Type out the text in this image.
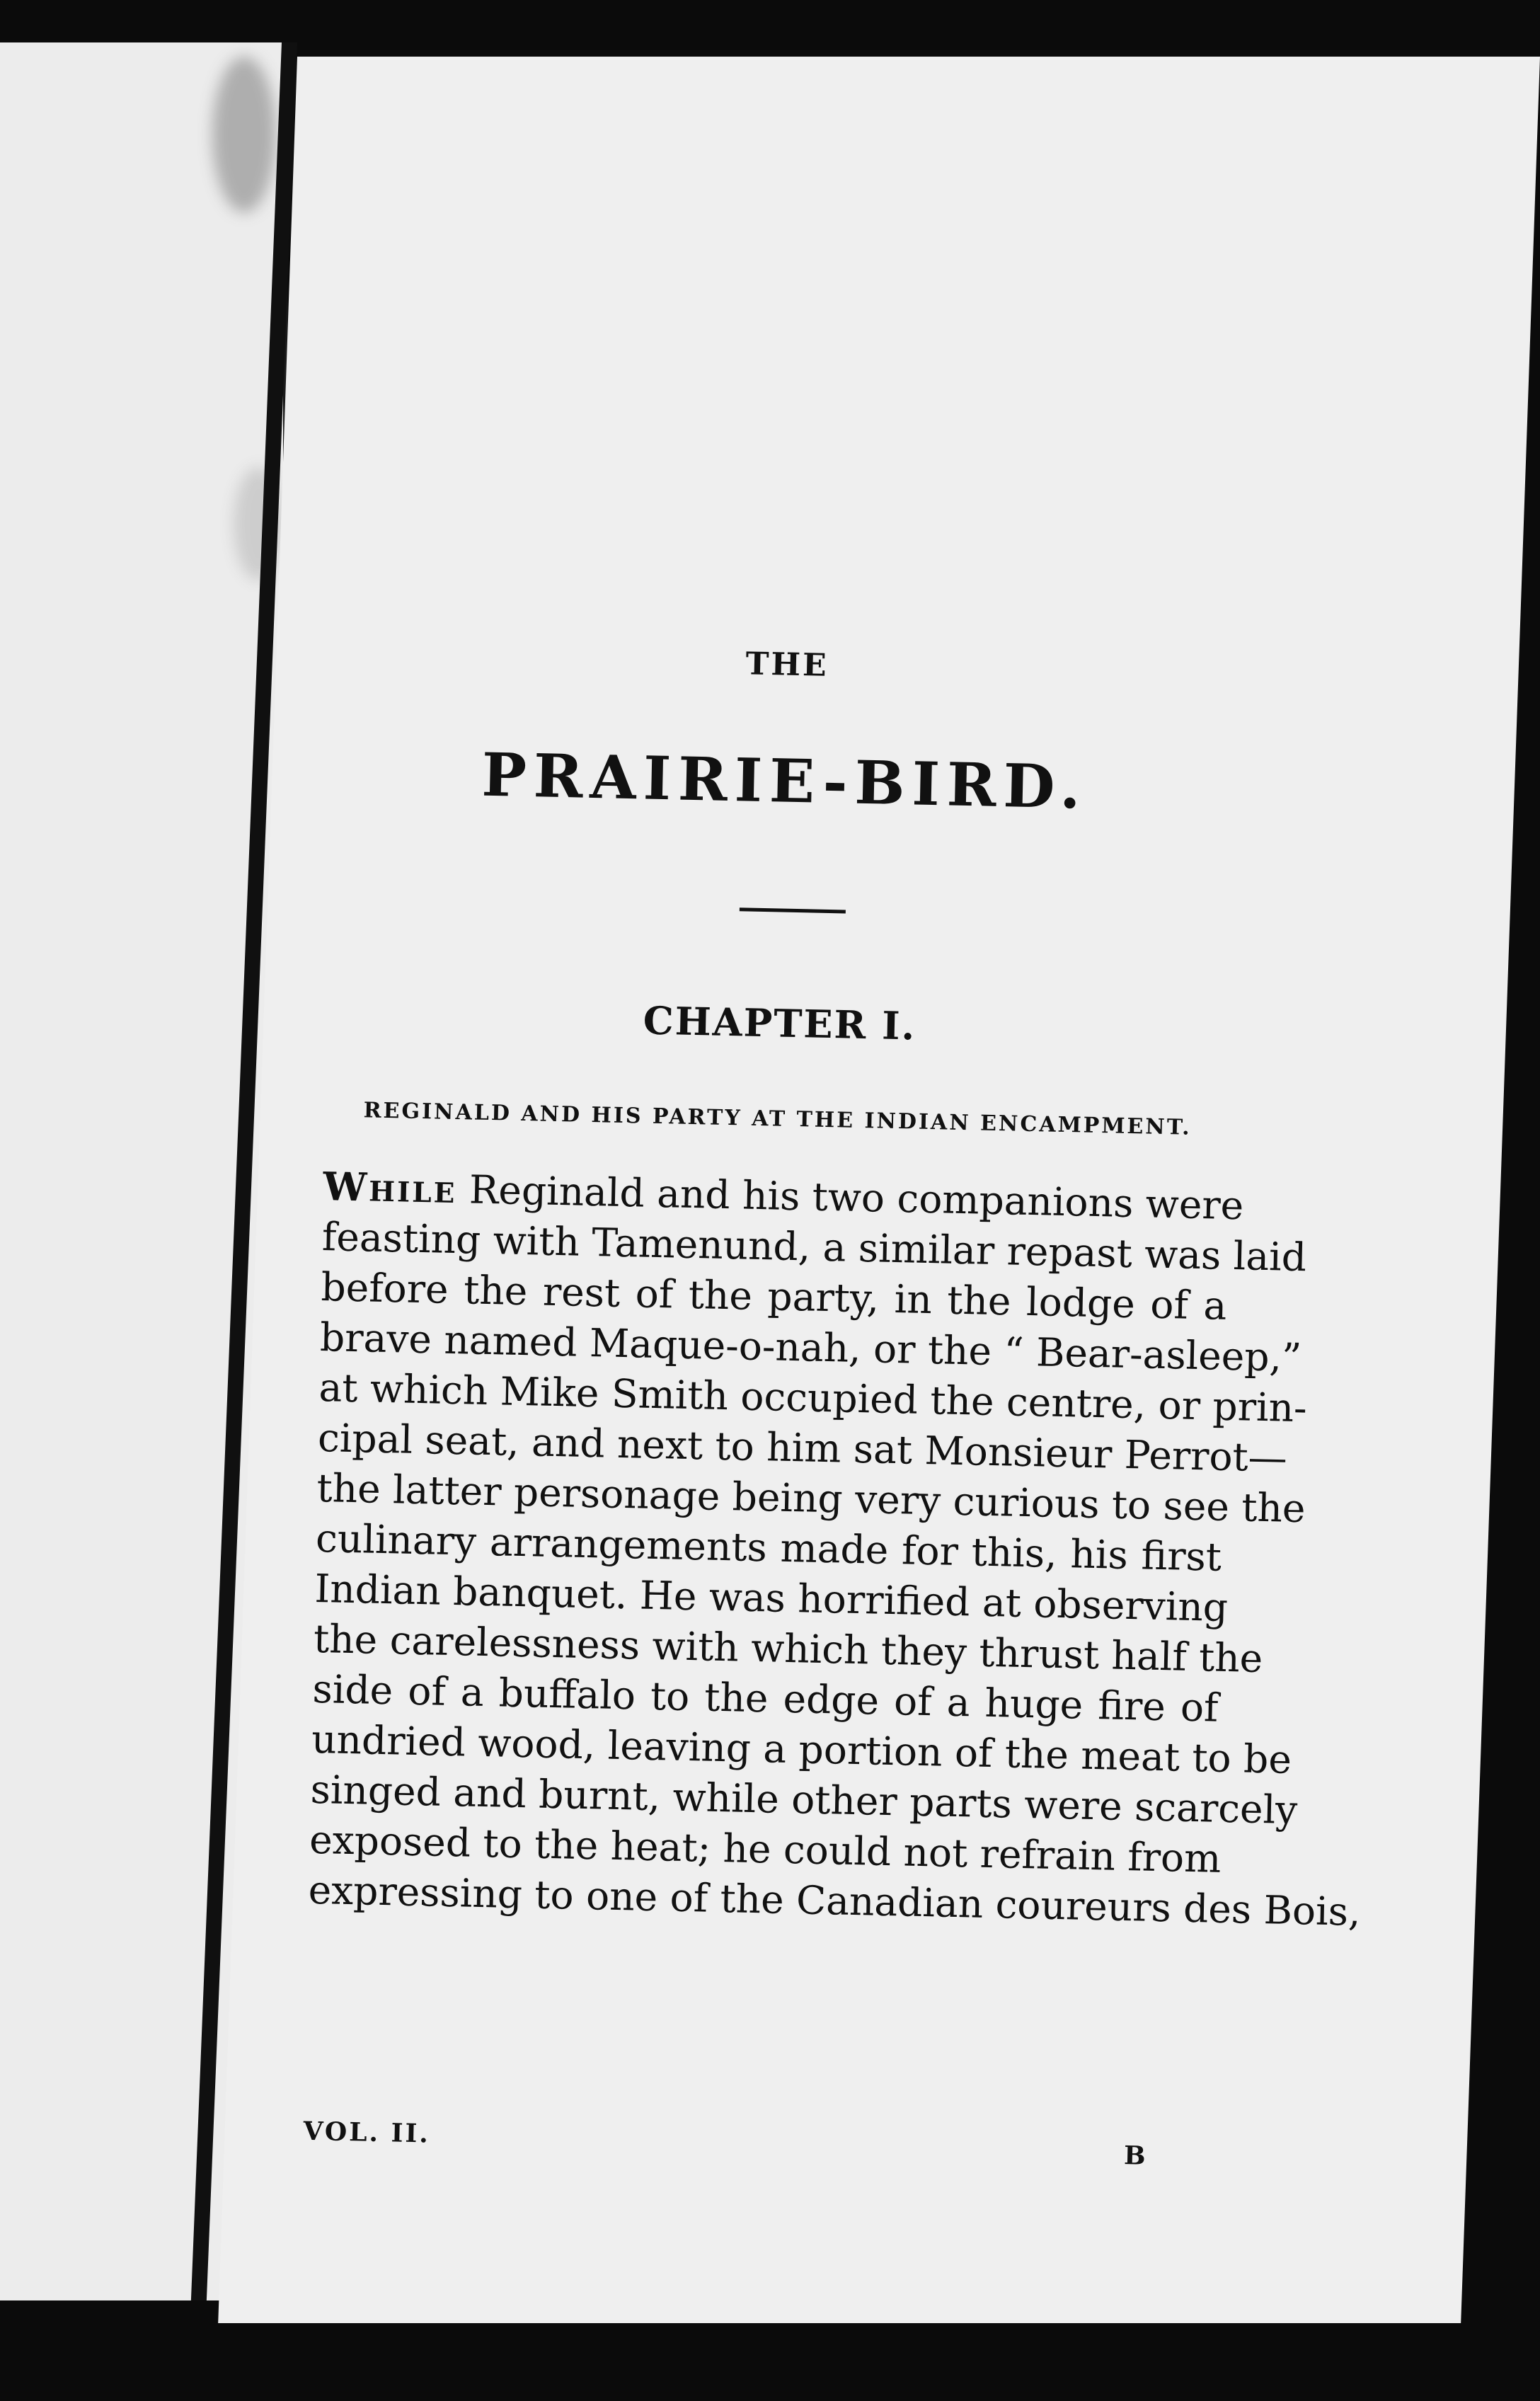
THE
PRAIRIE-BIRD.
CHAPTER I.
REGINALD AND HIS PARTY AT THE INDIAN ENCAMPMENT.
While Reginald and his two companions were
feasting with Tamenund, a similar repast was laid
before the rest of the party, in the lodge of a
brave named Maque-o-nah, or the “ Bear-asleep,”
at which Mike Smith occupied the centre, or prin-
cipal seat, and next to him sat Monsieur Perrot—
the latter personage being very curious to see the
culinary arrangements made for this, his first
Indian banquet. He was horrified at observing
the carelessness with which they thrust half the
side of a buffalo to the edge of a huge fire of
undried wood, leaving a portion of the meat to be
singed and burnt, while other parts were scarcely
exposed to the heat; he could not refrain from
expressing to one of the Canadian coureurs des Bois,
VOL. II.
B
